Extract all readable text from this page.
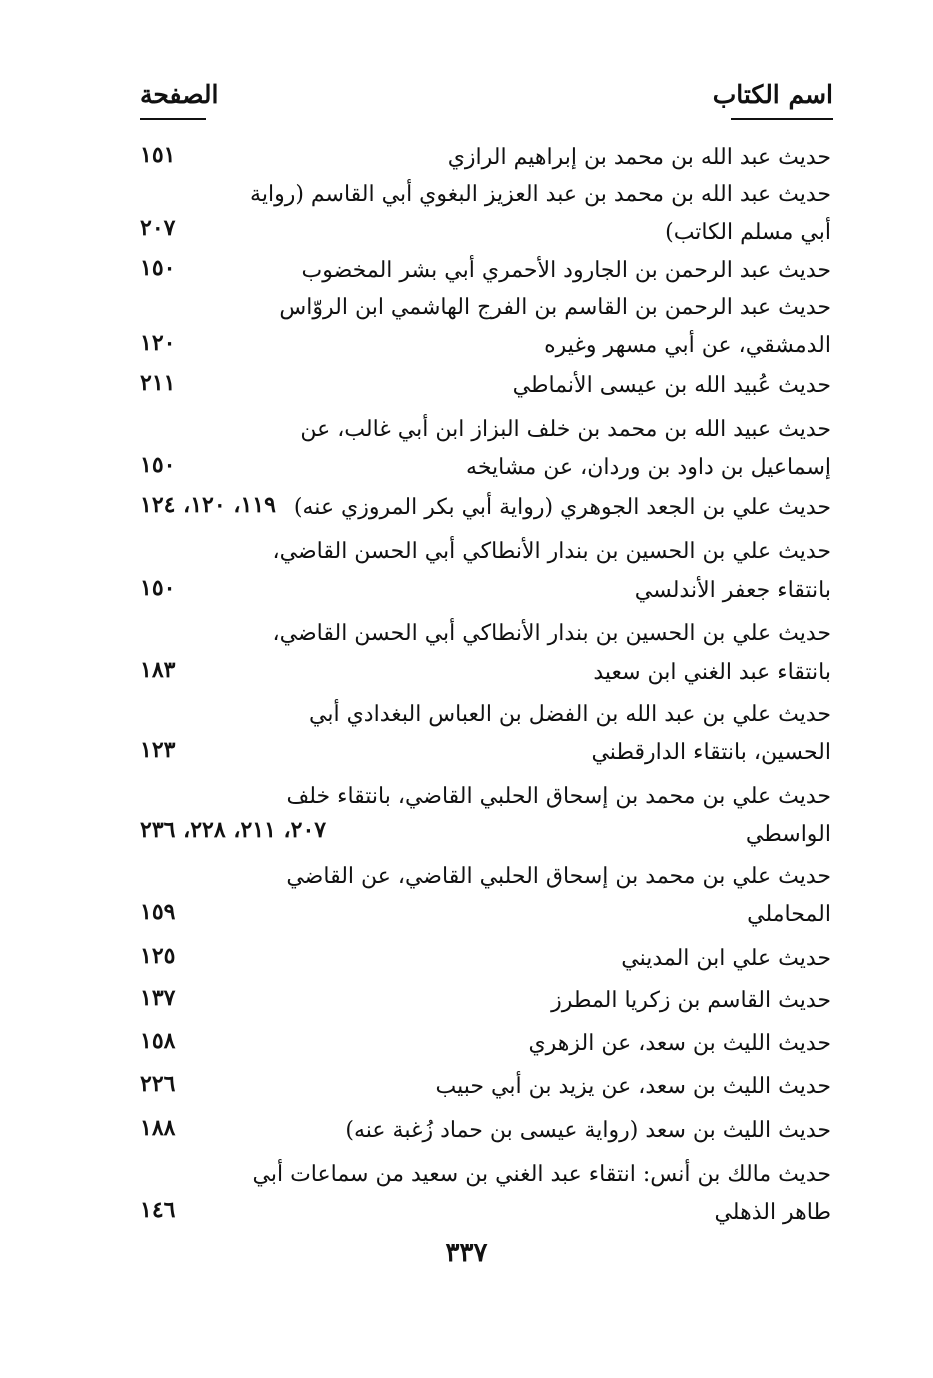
اسم الكتاب
الصفحة
حديث عبد الله بن محمد بن إبراهيم الرازي
١٥١
حديث عبد الله بن محمد بن عبد العزيز البغوي أبي القاسم (رواية
أبي مسلم الكاتب)
٢٠٧
حديث عبد الرحمن بن الجارود الأحمري أبي بشر المخضوب
١٥٠
حديث عبد الرحمن بن القاسم بن الفرج الهاشمي ابن الروّاس
الدمشقي، عن أبي مسهر وغيره
١٢٠
حديث عُبيد الله بن عيسى الأنماطي
٢١١
حديث عبيد الله بن محمد بن خلف البزاز ابن أبي غالب، عن
إسماعيل بن داود بن وردان، عن مشايخه
١٥٠
حديث علي بن الجعد الجوهري (رواية أبي بكر المروزي عنه)
١١٩، ١٢٠، ١٢٤
حديث علي بن الحسين بن بندار الأنطاكي أبي الحسن القاضي،
بانتقاء جعفر الأندلسي
١٥٠
حديث علي بن الحسين بن بندار الأنطاكي أبي الحسن القاضي،
بانتقاء عبد الغني ابن سعيد
١٨٣
حديث علي بن عبد الله بن الفضل بن العباس البغدادي أبي
الحسين، بانتقاء الدارقطني
١٢٣
حديث علي بن محمد بن إسحاق الحلبي القاضي، بانتقاء خلف
الواسطي
٢٠٧، ٢١١، ٢٢٨، ٢٣٦
حديث علي بن محمد بن إسحاق الحلبي القاضي، عن القاضي
المحاملي
١٥٩
حديث علي ابن المديني
١٢٥
حديث القاسم بن زكريا المطرز
١٣٧
حديث الليث بن سعد، عن الزهري
١٥٨
حديث الليث بن سعد، عن يزيد بن أبي حبيب
٢٢٦
حديث الليث بن سعد (رواية عيسى بن حماد زُغبة عنه)
١٨٨
حديث مالك بن أنس: انتقاء عبد الغني بن سعيد من سماعات أبي
طاهر الذهلي
١٤٦
٣٣٧
